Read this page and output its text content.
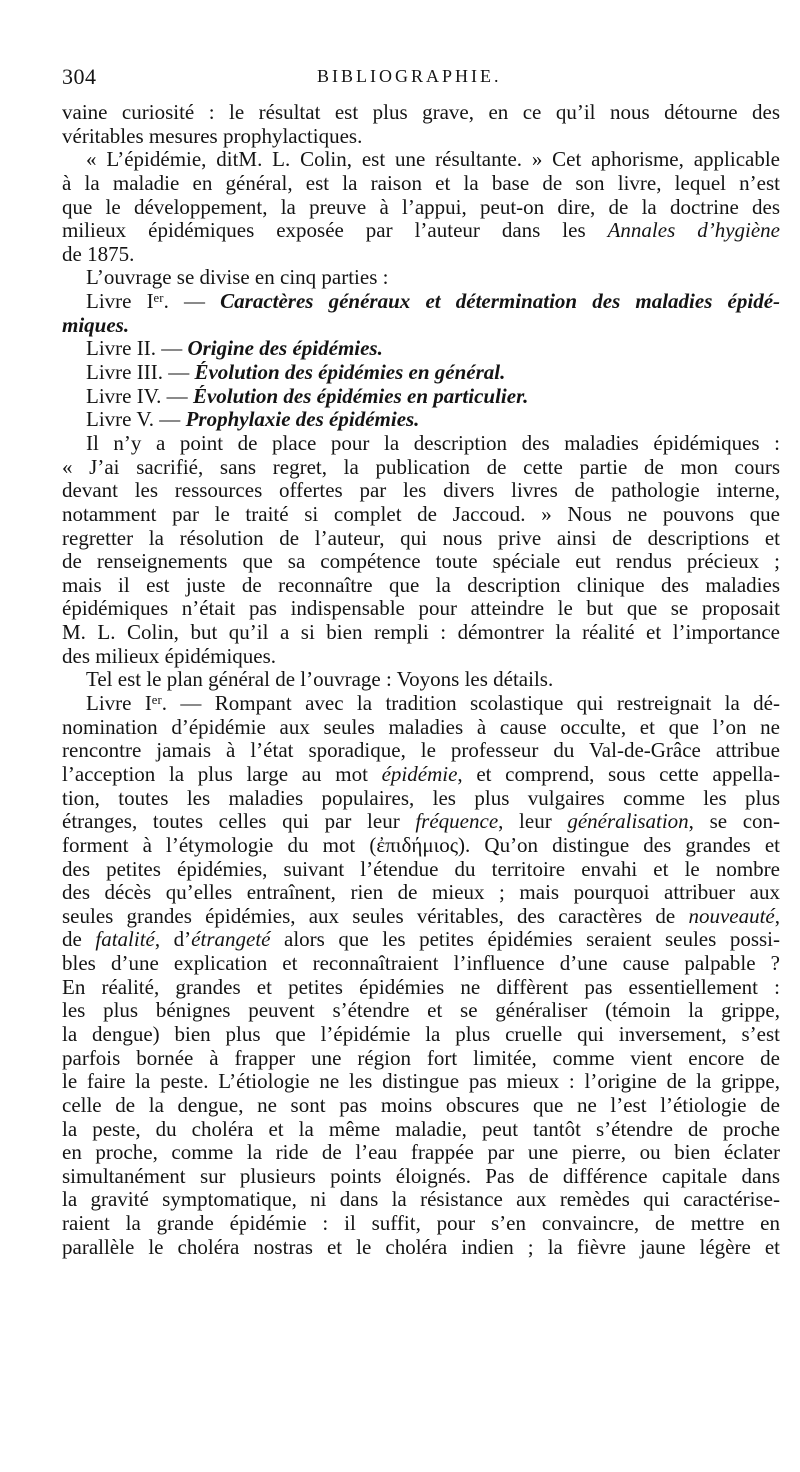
304	BIBLIOGRAPHIE.
vaine curiosité : le résultat est plus grave, en ce qu’il nous détourne des
véritables mesures prophylactiques.
« L’épidémie, ditM. L. Colin, est une résultante. » Cet aphorisme, applicable
à la maladie en général, est la raison et la base de son livre, lequel n’est
que le développement, la preuve à l’appui, peut-on dire, de la doctrine des
milieux épidémiques exposée par l’auteur dans les Annales d’hygiène
de 1875.
L’ouvrage se divise en cinq parties :
Livre Iᵉʳ. — Caractères généraux et détermination des maladies épidé-
miques.
Livre II. — Origine des épidémies.
Livre III. — Évolution des épidémies en général.
Livre IV. — Évolution des épidémies en particulier.
Livre V. — Prophylaxie des épidémies.
Il n’y a point de place pour la description des maladies épidémiques :
« J’ai sacrifié, sans regret, la publication de cette partie de mon cours
devant les ressources offertes par les divers livres de pathologie interne,
notamment par le traité si complet de Jaccoud. » Nous ne pouvons que
regretter la résolution de l’auteur, qui nous prive ainsi de descriptions et
de renseignements que sa compétence toute spéciale eut rendus précieux ;
mais il est juste de reconnaître que la description clinique des maladies
épidémiques n’était pas indispensable pour atteindre le but que se proposait
M. L. Colin, but qu’il a si bien rempli : démontrer la réalité et l’importance
des milieux épidémiques.
Tel est le plan général de l’ouvrage : Voyons les détails.
Livre Iᵉʳ. — Rompant avec la tradition scolastique qui restreignait la dé-
nomination d’épidémie aux seules maladies à cause occulte, et que l’on ne
rencontre jamais à l’état sporadique, le professeur du Val-de-Grâce attribue
l’acception la plus large au mot épidémie, et comprend, sous cette appella-
tion, toutes les maladies populaires, les plus vulgaires comme les plus
étranges, toutes celles qui par leur fréquence, leur généralisation, se con-
forment à l’étymologie du mot (ἐπιδήμιος). Qu’on distingue des grandes et
des petites épidémies, suivant l’étendue du territoire envahi et le nombre
des décès qu’elles entraînent, rien de mieux ; mais pourquoi attribuer aux
seules grandes épidémies, aux seules véritables, des caractères de nouveauté,
de fatalité, d’étrangeté alors que les petites épidémies seraient seules possi-
bles d’une explication et reconnaîtraient l’influence d’une cause palpable ?
En réalité, grandes et petites épidémies ne diffèrent pas essentiellement :
les plus bénignes peuvent s’étendre et se généraliser (témoin la grippe,
la dengue) bien plus que l’épidémie la plus cruelle qui inversement, s’est
parfois bornée à frapper une région fort limitée, comme vient encore de
le faire la peste. L’étiologie ne les distingue pas mieux : l’origine de la grippe,
celle de la dengue, ne sont pas moins obscures que ne l’est l’étiologie de
la peste, du choléra et la même maladie, peut tantôt s’étendre de proche
en proche, comme la ride de l’eau frappée par une pierre, ou bien éclater
simultanément sur plusieurs points éloignés. Pas de différence capitale dans
la gravité symptomatique, ni dans la résistance aux remèdes qui caractérise-
raient la grande épidémie : il suffit, pour s’en convaincre, de mettre en
parallèle le choléra nostras et le choléra indien ; la fièvre jaune légère et
